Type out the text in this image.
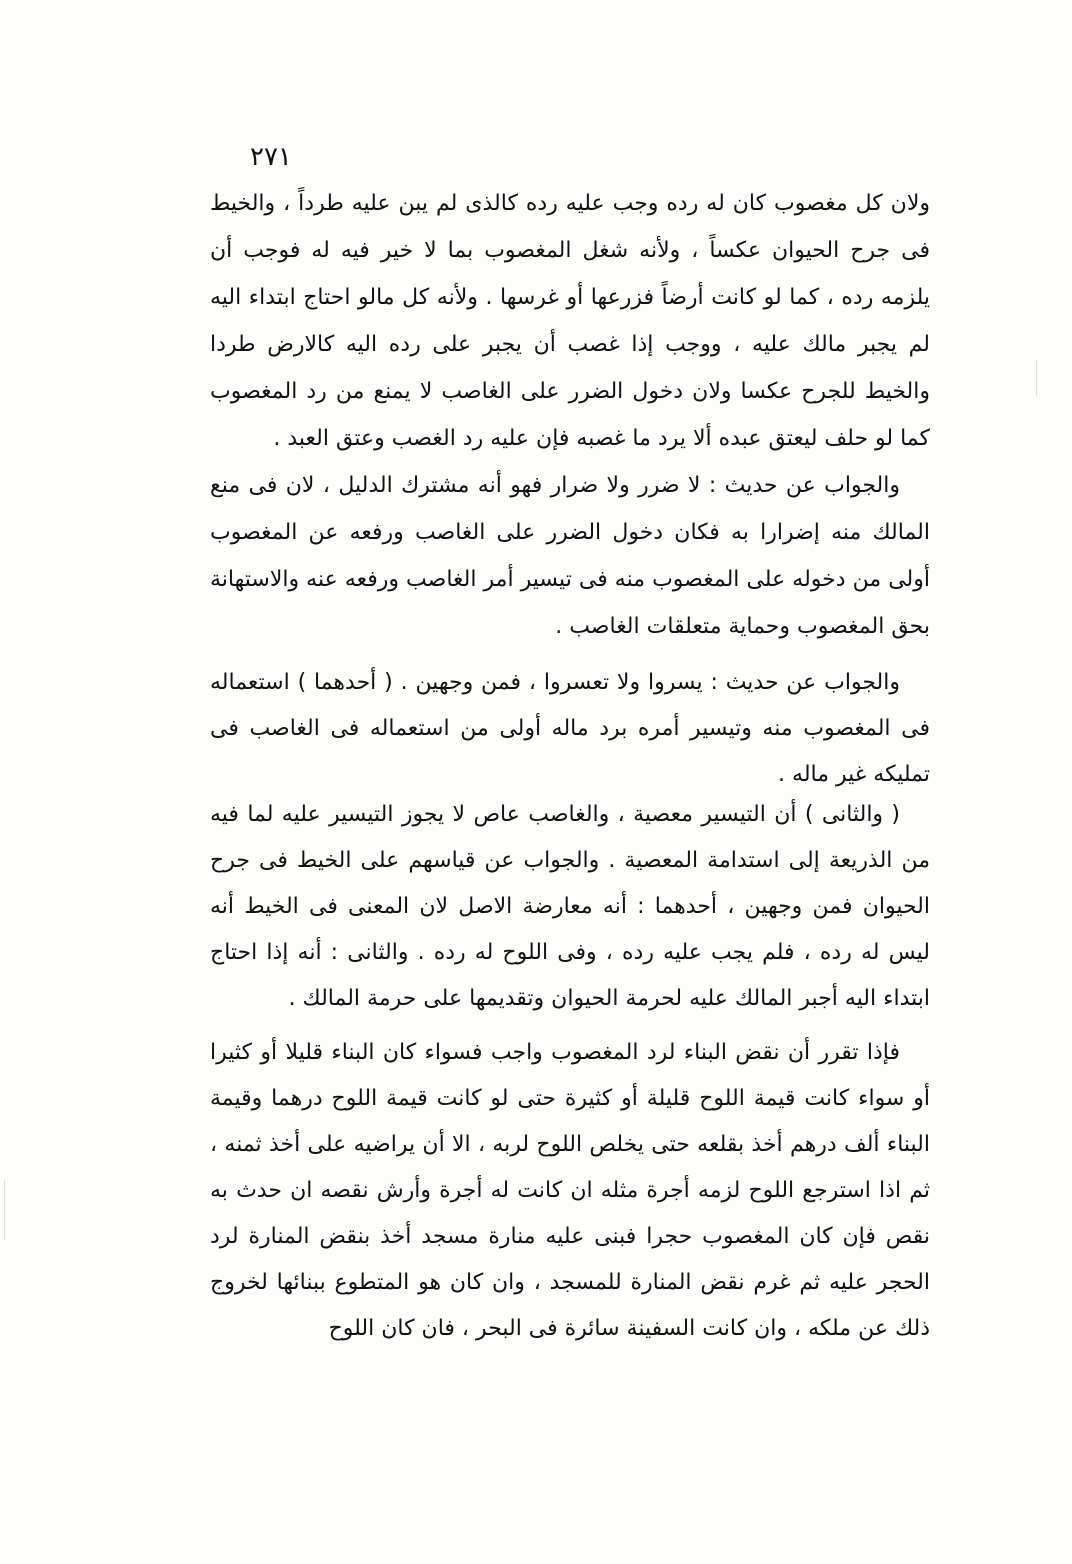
٢٧١

ولان كل مغصوب كان له رده وجب عليه رده كالذى لم يبن عليه طرداً ، والخيط فى جرح الحيوان عكساً ، ولأنه شغل المغصوب بما لا خير فيه له فوجب أن يلزمه رده ، كما لو كانت أرضاً فزرعها أو غرسها . ولأنه كل مالو احتاج ابتداء اليه لم يجبر مالك عليه ، ووجب إذا غصب أن يجبر على رده اليه كالارض طردا والخيط للجرح عكسا ولان دخول الضرر على الغاصب لا يمنع من رد المغصوب كما لو حلف ليعتق عبده ألا يرد ما غصبه فإن عليه رد الغصب وعتق العبد .

والجواب عن حديث : لا ضرر ولا ضرار فهو أنه مشترك الدليل ، لان فى منع المالك منه إضرارا به فكان دخول الضرر على الغاصب ورفعه عن المغصوب أولى من دخوله على المغصوب منه فى تيسير أمر الغاصب ورفعه عنه والاستهانة بحق المغصوب وحماية متعلقات الغاصب .

والجواب عن حديث : يسروا ولا تعسروا ، فمن وجهين . ( أحدهما ) استعماله فى المغصوب منه وتيسير أمره برد ماله أولى من استعماله فى الغاصب فى تمليكه غير ماله .

( والثانى ) أن التيسير معصية ، والغاصب عاص لا يجوز التيسير عليه لما فيه من الذريعة إلى استدامة المعصية . والجواب عن قياسهم على الخيط فى جرح الحيوان فمن وجهين ، أحدهما : أنه معارضة الاصل لان المعنى فى الخيط أنه ليس له رده ، فلم يجب عليه رده ، وفى اللوح له رده . والثانى : أنه إذا احتاج ابتداء اليه أجبر المالك عليه لحرمة الحيوان وتقديمها على حرمة المالك .

فإذا تقرر أن نقض البناء لرد المغصوب واجب فسواء كان البناء قليلا أو كثيرا أو سواء كانت قيمة اللوح قليلة أو كثيرة حتى لو كانت قيمة اللوح درهما وقيمة البناء ألف درهم أخذ بقلعه حتى يخلص اللوح لربه ، الا أن يراضيه على أخذ ثمنه ، ثم اذا استرجع اللوح لزمه أجرة مثله ان كانت له أجرة وأرش نقصه ان حدث به نقص فإن كان المغصوب حجرا فبنى عليه منارة مسجد أخذ بنقض المنارة لرد الحجر عليه ثم غرم نقض المنارة للمسجد ، وان كان هو المتطوع ببنائها لخروج ذلك عن ملكه ، وان كانت السفينة سائرة فى البحر ، فان كان اللوح
